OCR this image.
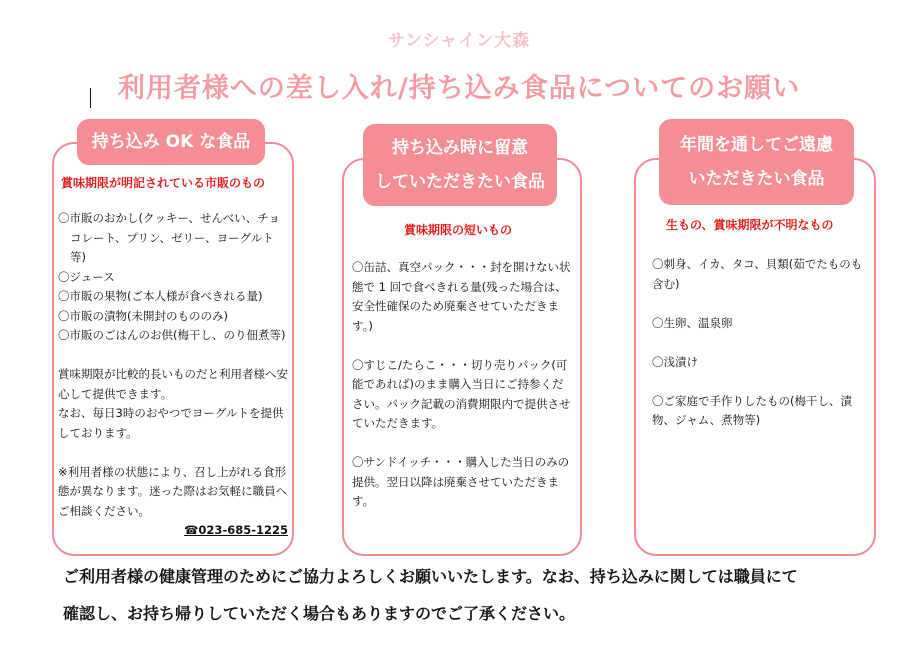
サンシャイン大森
利用者様への差し入れ/持ち込み食品についてのお願い
持ち込み OK な食品
賞味期限が明記されている市販のもの

〇市販のおかし(クッキー、せんべい、チョコレート、プリン、ゼリー、ヨーグルト等)

〇ジュース

〇市販の果物(ご本人様が食べきれる量)

〇市販の漬物(未開封のもののみ)

〇市販のごはんのお供(梅干し、のり佃煮等)

賞味期限が比較的長いものだと利用者様へ安心して提供できます。

なお、毎日3時のおやつでヨーグルトを提供しております。

※利用者様の状態により、召し上がれる食形態が異なります。迷った際はお気軽に職員へご相談ください。

☎023-685-1225
持ち込み時に留意
していただきたい食品
賞味期限の短いもの

〇缶詰、真空パック・・・封を開けない状態で 1 回で食べきれる量(残った場合は、安全性確保のため廃棄させていただきます。)

〇すじこ/たらこ・・・切り売りパック(可能であれば)のまま購入当日にご持参ください。パック記載の消費期限内で提供させていただきます。

〇サンドイッチ・・・購入した当日のみの提供。翌日以降は廃棄させていただきます。

年間を通してご遠慮
いただきたい食品
生もの、賞味期限が不明なもの

〇刺身、イカ、タコ、貝類(茹でたものも含む)

〇生卵、温泉卵

〇浅漬け

〇ご家庭で手作りしたもの(梅干し、漬物、ジャム、煮物等)

ご利用者様の健康管理のためにご協力よろしくお願いいたします。なお、持ち込みに関しては職員にて
確認し、お持ち帰りしていただく場合もありますのでご了承ください。
